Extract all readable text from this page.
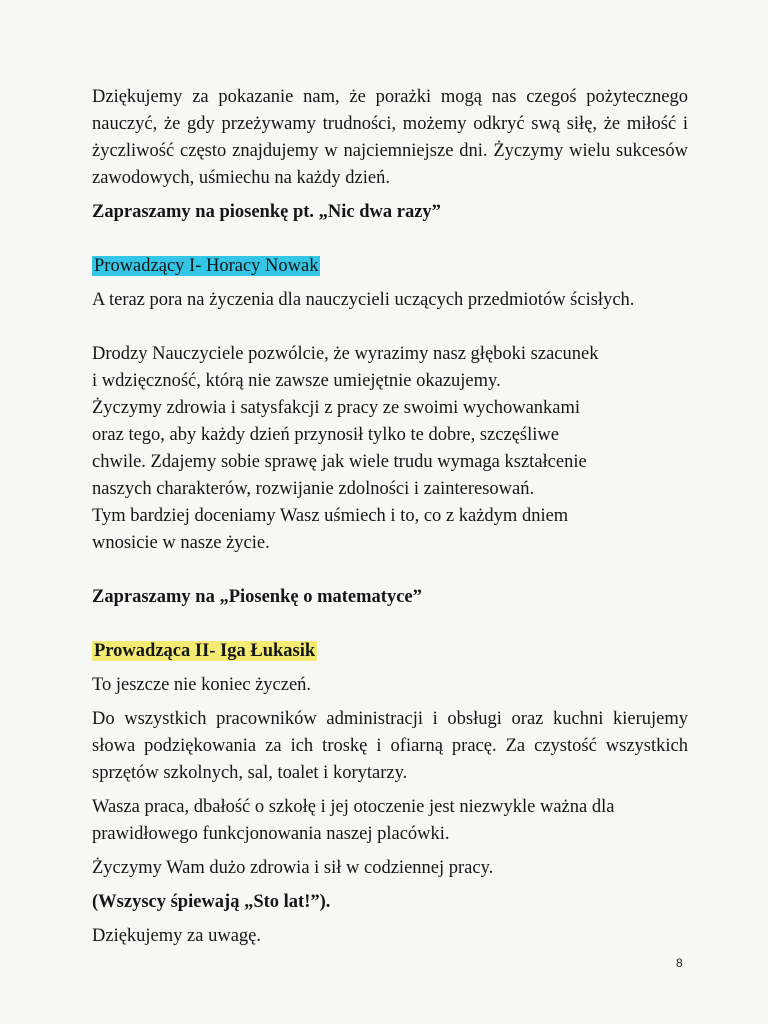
Dziękujemy za pokazanie nam, że porażki mogą nas czegoś pożytecznego nauczyć, że gdy przeżywamy trudności, możemy odkryć swą siłę, że miłość i życzliwość często znajdujemy w najciemniejsze dni. Życzymy wielu sukcesów zawodowych, uśmiechu na każdy dzień.

Zapraszamy na piosenkę pt. „Nic dwa razy”

Prowadzący I- Horacy Nowak

A teraz pora na życzenia dla nauczycieli uczących przedmiotów ścisłych.

Drodzy Nauczyciele pozwólcie, że wyrazimy nasz głęboki szacunek
i wdzięczność, którą nie zawsze umiejętnie okazujemy.
Życzymy zdrowia i satysfakcji z pracy ze swoimi wychowankami
oraz tego, aby każdy dzień przynosił tylko te dobre, szczęśliwe
chwile. Zdajemy sobie sprawę jak wiele trudu wymaga kształcenie
naszych charakterów, rozwijanie zdolności i zainteresowań.
Tym bardziej doceniamy Wasz uśmiech i to, co z każdym dniem
wnosicie w nasze życie.

Zapraszamy na „Piosenkę o matematyce”

Prowadząca II- Iga Łukasik

To jeszcze nie koniec życzeń.

Do wszystkich pracowników administracji i obsługi oraz kuchni kierujemy słowa podziękowania za ich troskę i ofiarną pracę. Za czystość wszystkich sprzętów szkolnych, sal, toalet i korytarzy.

Wasza praca, dbałość o szkołę i jej otoczenie jest niezwykle ważna dla prawidłowego funkcjonowania naszej placówki.

Życzymy Wam dużo zdrowia i sił w codziennej pracy.

(Wszyscy śpiewają „Sto lat!”).

Dziękujemy za uwagę.

8
